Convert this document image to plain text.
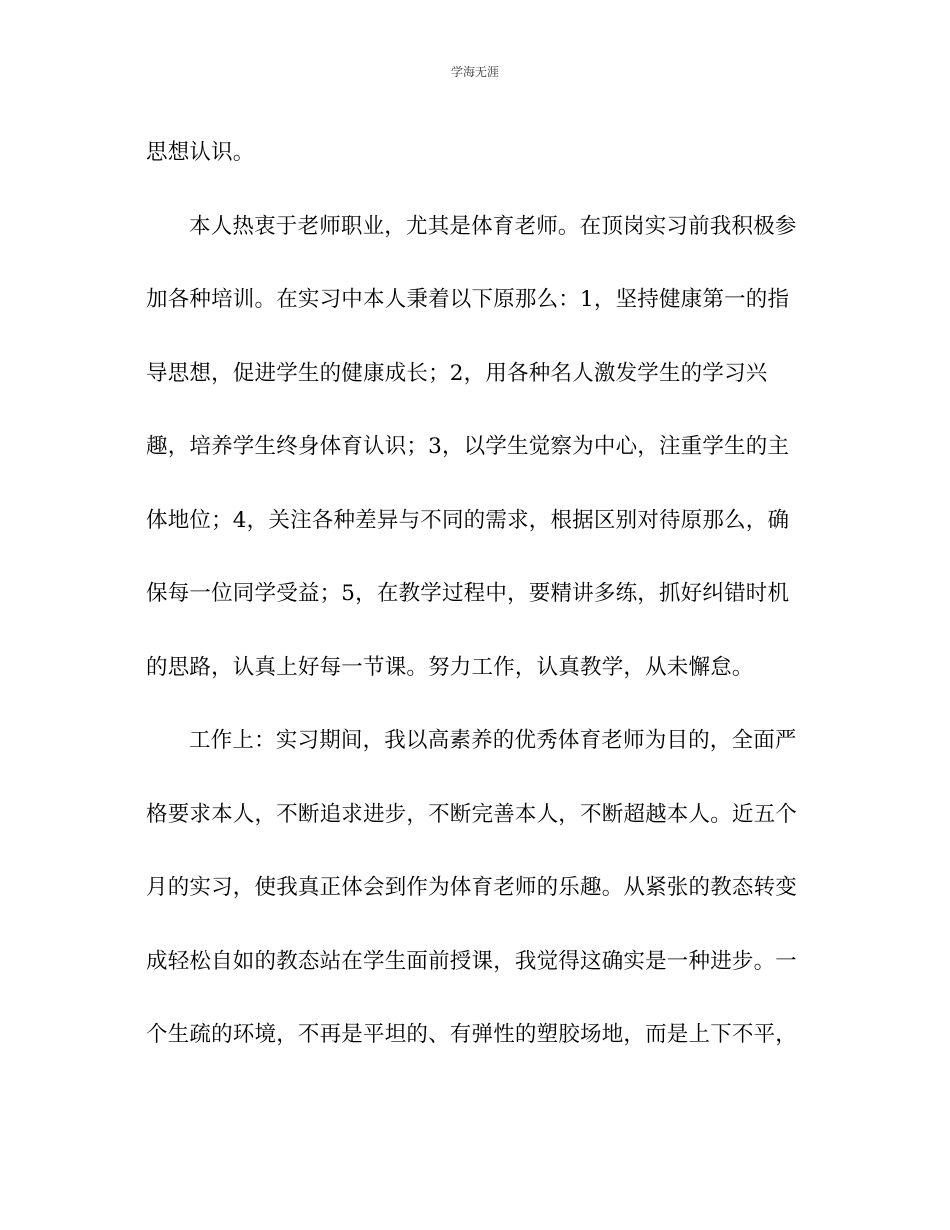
学海无涯
思想认识。
本人热衷于老师职业，尤其是体育老师。在顶岗实习前我积极参
加各种培训。在实习中本人秉着以下原那么：1，坚持健康第一的指
导思想，促进学生的健康成长；2，用各种名人激发学生的学习兴
趣，培养学生终身体育认识；3，以学生觉察为中心，注重学生的主
体地位；4，关注各种差异与不同的需求，根据区别对待原那么，确
保每一位同学受益；5，在教学过程中，要精讲多练，抓好纠错时机
的思路，认真上好每一节课。努力工作，认真教学，从未懈怠。
工作上：实习期间，我以高素养的优秀体育老师为目的，全面严
格要求本人，不断追求进步，不断完善本人，不断超越本人。近五个
月的实习，使我真正体会到作为体育老师的乐趣。从紧张的教态转变
成轻松自如的教态站在学生面前授课，我觉得这确实是一种进步。一
个生疏的环境，不再是平坦的、有弹性的塑胶场地，而是上下不平，
